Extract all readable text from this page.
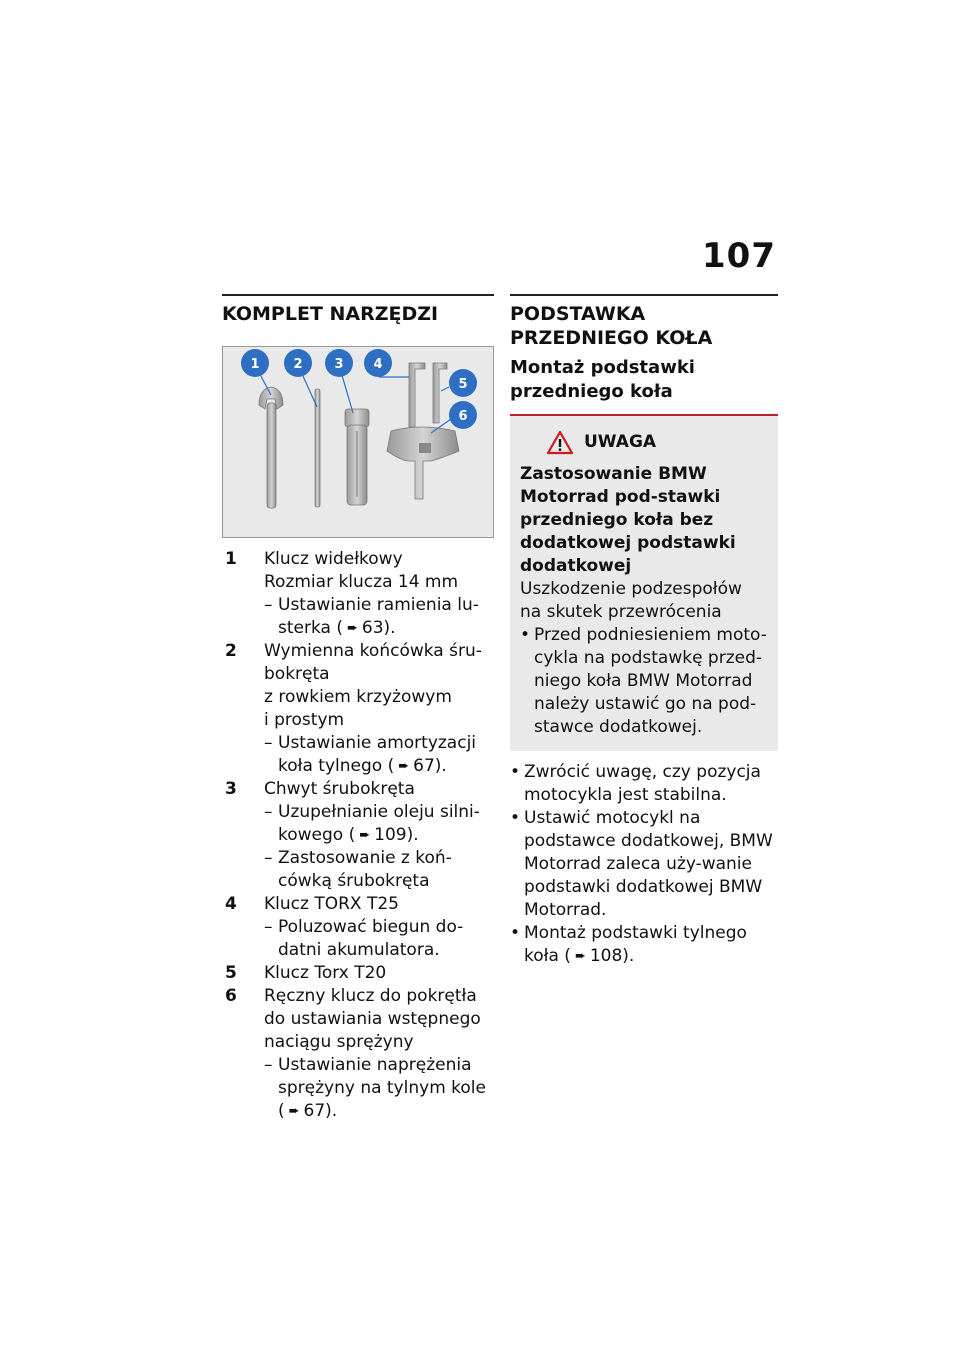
107
KOMPLET NARZĘDZI
1	2 3 4
5
6
1 Klucz widełkowy
Rozmiar klucza 14 mm
– Ustawianie ramienia lu-sterka ( ➨ 63).
2 Wymienna końcówka śru-bokręta
z rowkiem krzyżowym
i prostym
– Ustawianie amortyzacji koła tylnego ( ➨ 67).
3 Chwyt śrubokręta
– Uzupełnianie oleju silni-kowego ( ➨ 109).
– Zastosowanie z koń-cówką śrubokręta
4 Klucz TORX T25
– Poluzować biegun do-datni akumulatora.
5 Klucz Torx T20
6 Ręczny klucz do pokrętła
do ustawiania wstępnego
naciągu sprężyny
– Ustawianie naprężenia sprężyny na tylnym kole ( ➨ 67).
PODSTAWKA PRZEDNIEGO KOŁA
Montaż podstawki przedniego koła
UWAGA
Zastosowanie BMW Motorrad pod-stawki przedniego koła bez dodatkowej podstawki dodatkowej
Uszkodzenie podzespołów na skutek przewrócenia
• Przed podniesieniem moto-cykla na podstawkę przed-niego koła BMW Motorrad należy ustawić go na pod-stawce dodatkowej.
• Zwrócić uwagę, czy pozycja motocykla jest stabilna.
• Ustawić motocykl na podstawce dodatkowej, BMW Motorrad zaleca uży-wanie podstawki dodatkowej BMW Motorrad.
• Montaż podstawki tylnego koła ( ➨ 108).
